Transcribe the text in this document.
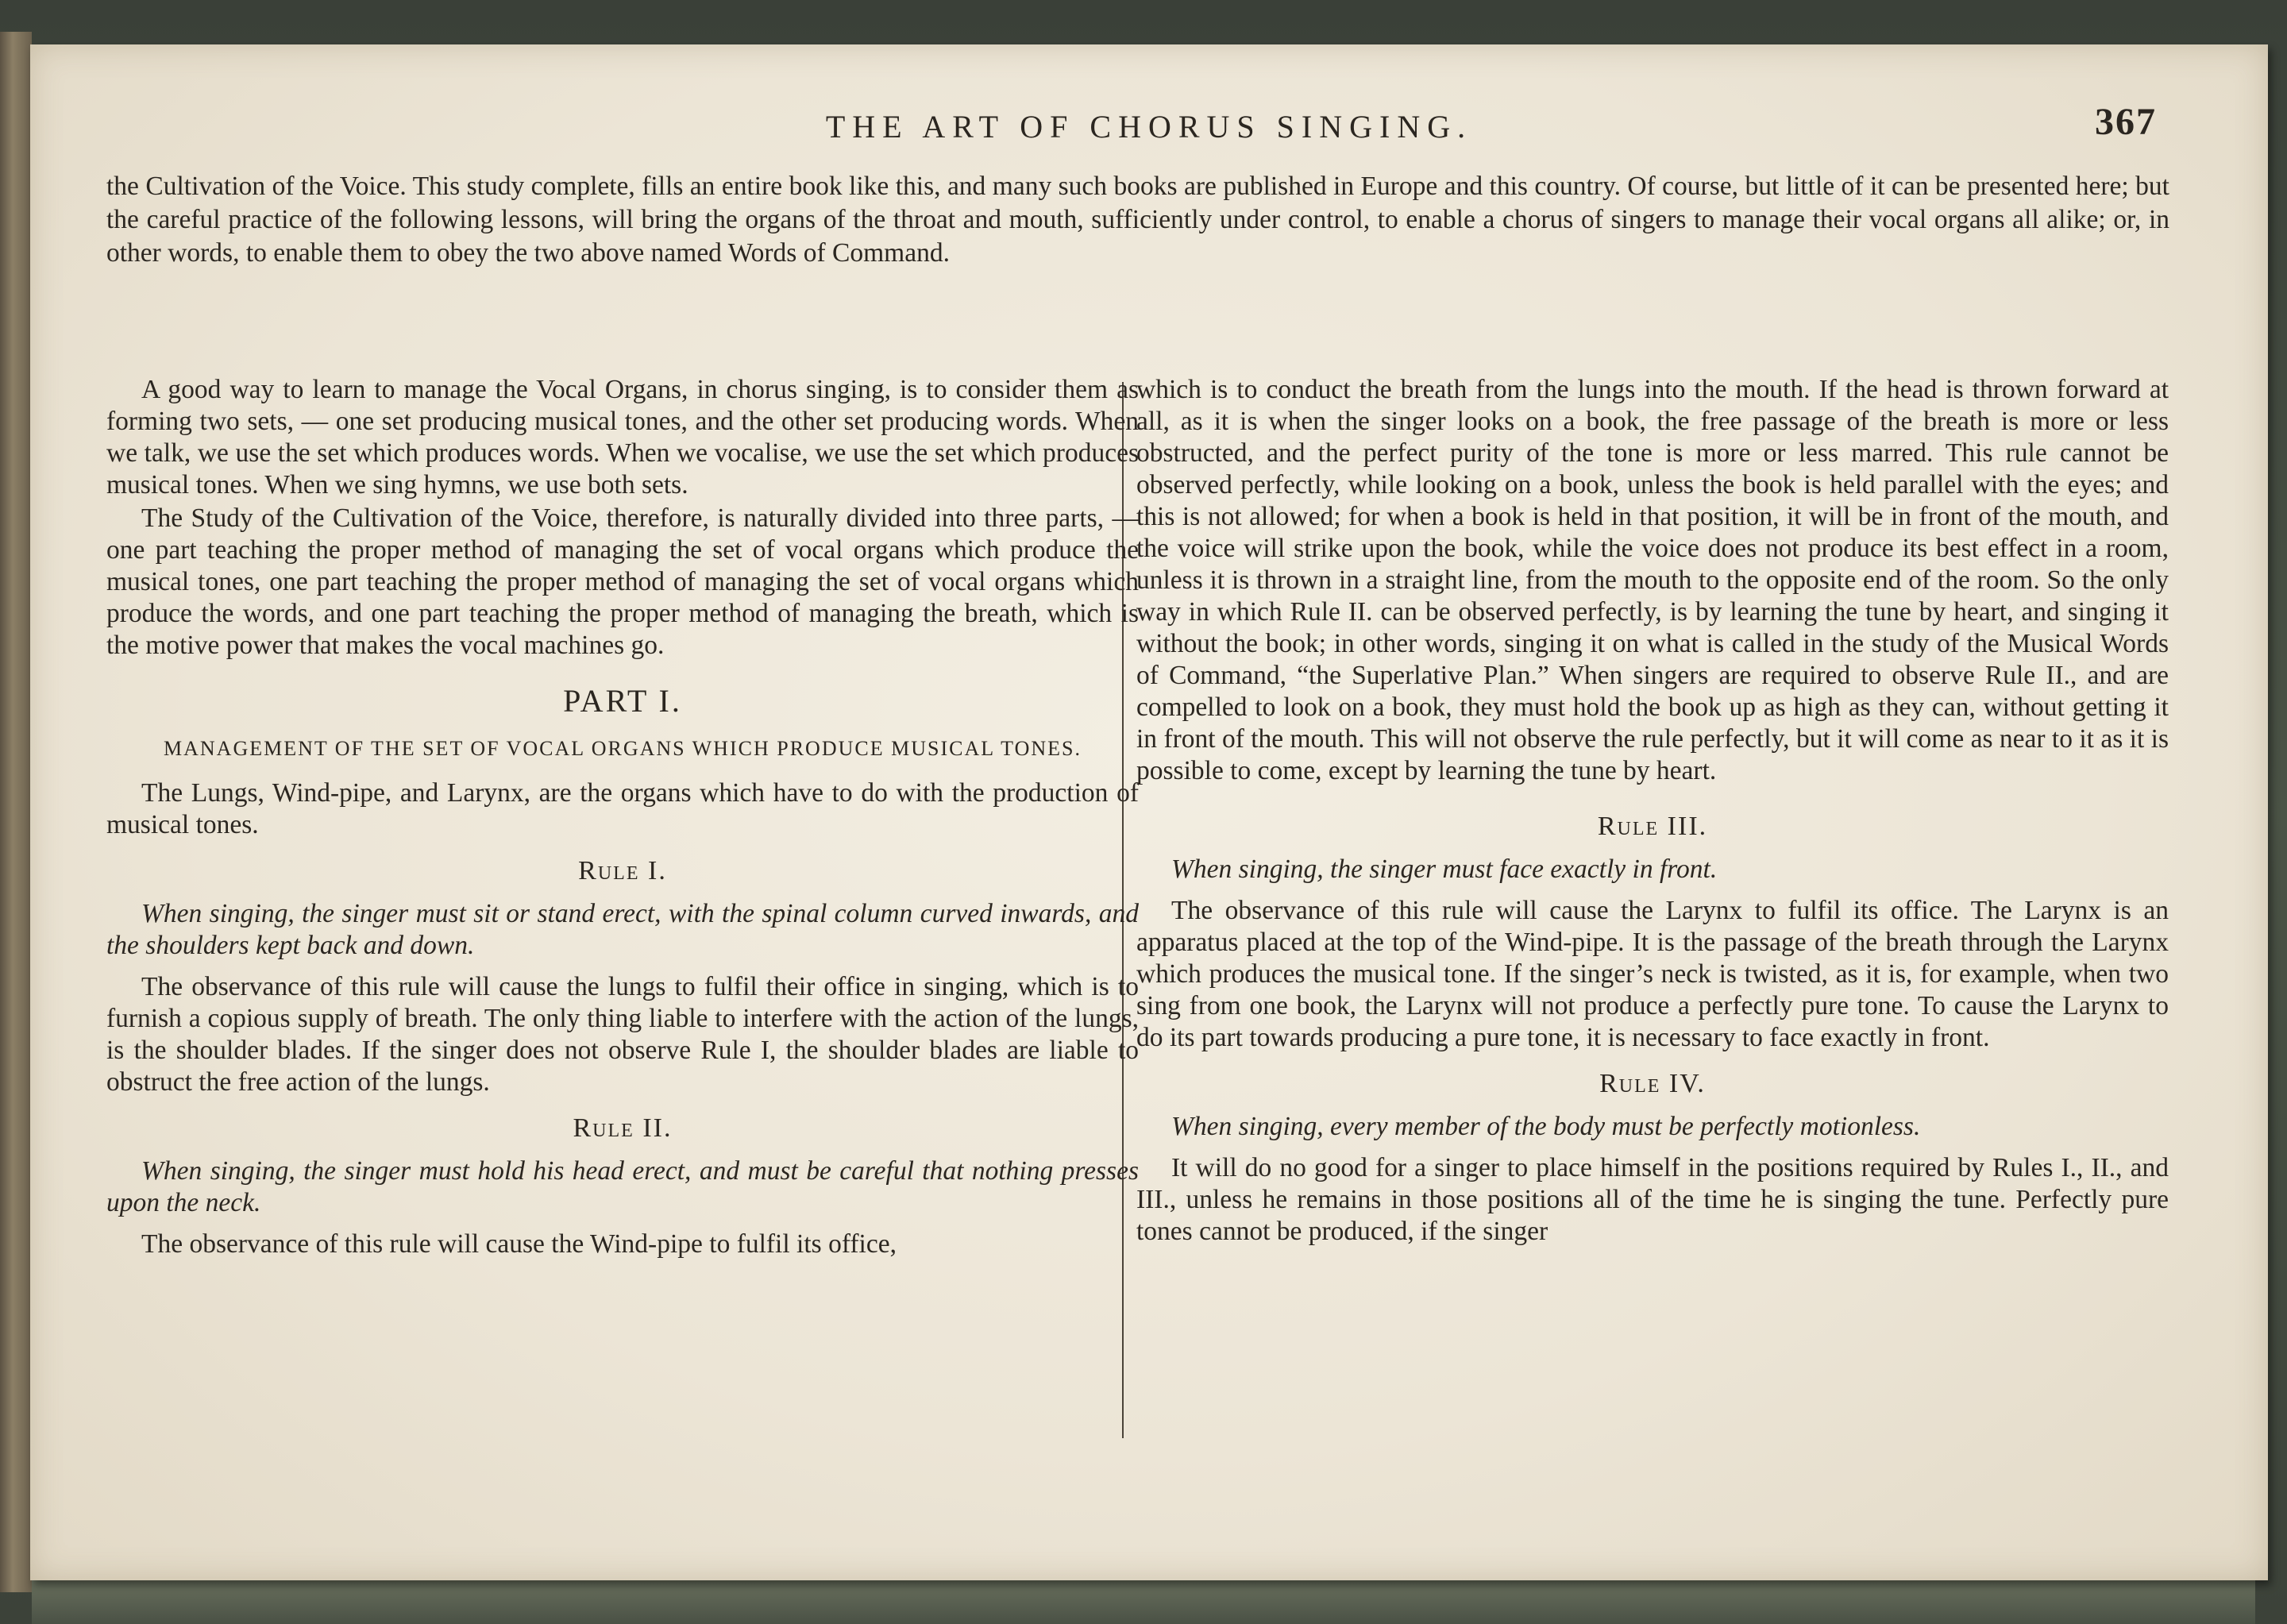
THE ART OF CHORUS SINGING.	367

the Cultivation of the Voice. This study complete, fills an entire book like this, and many such books are published in Europe and this country. Of course, but little of it can be presented here; but the careful practice of the following lessons, will bring the organs of the throat and mouth, sufficiently under control, to enable a chorus of singers to manage their vocal organs all alike; or, in other words, to enable them to obey the two above named Words of Command.

A good way to learn to manage the Vocal Organs, in chorus singing, is to consider them as forming two sets, — one set producing musical tones, and the other set producing words. When we talk, we use the set which produces words. When we vocalise, we use the set which produces musical tones. When we sing hymns, we use both sets.

The Study of the Cultivation of the Voice, therefore, is naturally divided into three parts, — one part teaching the proper method of managing the set of vocal organs which produce the musical tones, one part teaching the proper method of managing the set of vocal organs which produce the words, and one part teaching the proper method of managing the breath, which is the motive power that makes the vocal machines go.

PART I.
MANAGEMENT OF THE SET OF VOCAL ORGANS WHICH PRODUCE MUSICAL TONES.

The Lungs, Wind-pipe, and Larynx, are the organs which have to do with the production of musical tones.

Rule I.

When singing, the singer must sit or stand erect, with the spinal column curved inwards, and the shoulders kept back and down.

The observance of this rule will cause the lungs to fulfil their office in singing, which is to furnish a copious supply of breath. The only thing liable to interfere with the action of the lungs, is the shoulder blades. If the singer does not observe Rule I, the shoulder blades are liable to obstruct the free action of the lungs.

Rule II.

When singing, the singer must hold his head erect, and must be careful that nothing presses upon the neck.

The observance of this rule will cause the Wind-pipe to fulfil its office,

which is to conduct the breath from the lungs into the mouth. If the head is thrown forward at all, as it is when the singer looks on a book, the free passage of the breath is more or less obstructed, and the perfect purity of the tone is more or less marred. This rule cannot be observed perfectly, while looking on a book, unless the book is held parallel with the eyes; and this is not allowed; for when a book is held in that position, it will be in front of the mouth, and the voice will strike upon the book, while the voice does not produce its best effect in a room, unless it is thrown in a straight line, from the mouth to the opposite end of the room. So the only way in which Rule II. can be observed perfectly, is by learning the tune by heart, and singing it without the book; in other words, singing it on what is called in the study of the Musical Words of Command, “the Superlative Plan.” When singers are required to observe Rule II., and are compelled to look on a book, they must hold the book up as high as they can, without getting it in front of the mouth. This will not observe the rule perfectly, but it will come as near to it as it is possible to come, except by learning the tune by heart.

Rule III.

When singing, the singer must face exactly in front.

The observance of this rule will cause the Larynx to fulfil its office. The Larynx is an apparatus placed at the top of the Wind-pipe. It is the passage of the breath through the Larynx which produces the musical tone. If the singer’s neck is twisted, as it is, for example, when two sing from one book, the Larynx will not produce a perfectly pure tone. To cause the Larynx to do its part towards producing a pure tone, it is necessary to face exactly in front.

Rule IV.

When singing, every member of the body must be perfectly motionless.

It will do no good for a singer to place himself in the positions required by Rules I., II., and III., unless he remains in those positions all of the time he is singing the tune. Perfectly pure tones cannot be produced, if the singer
